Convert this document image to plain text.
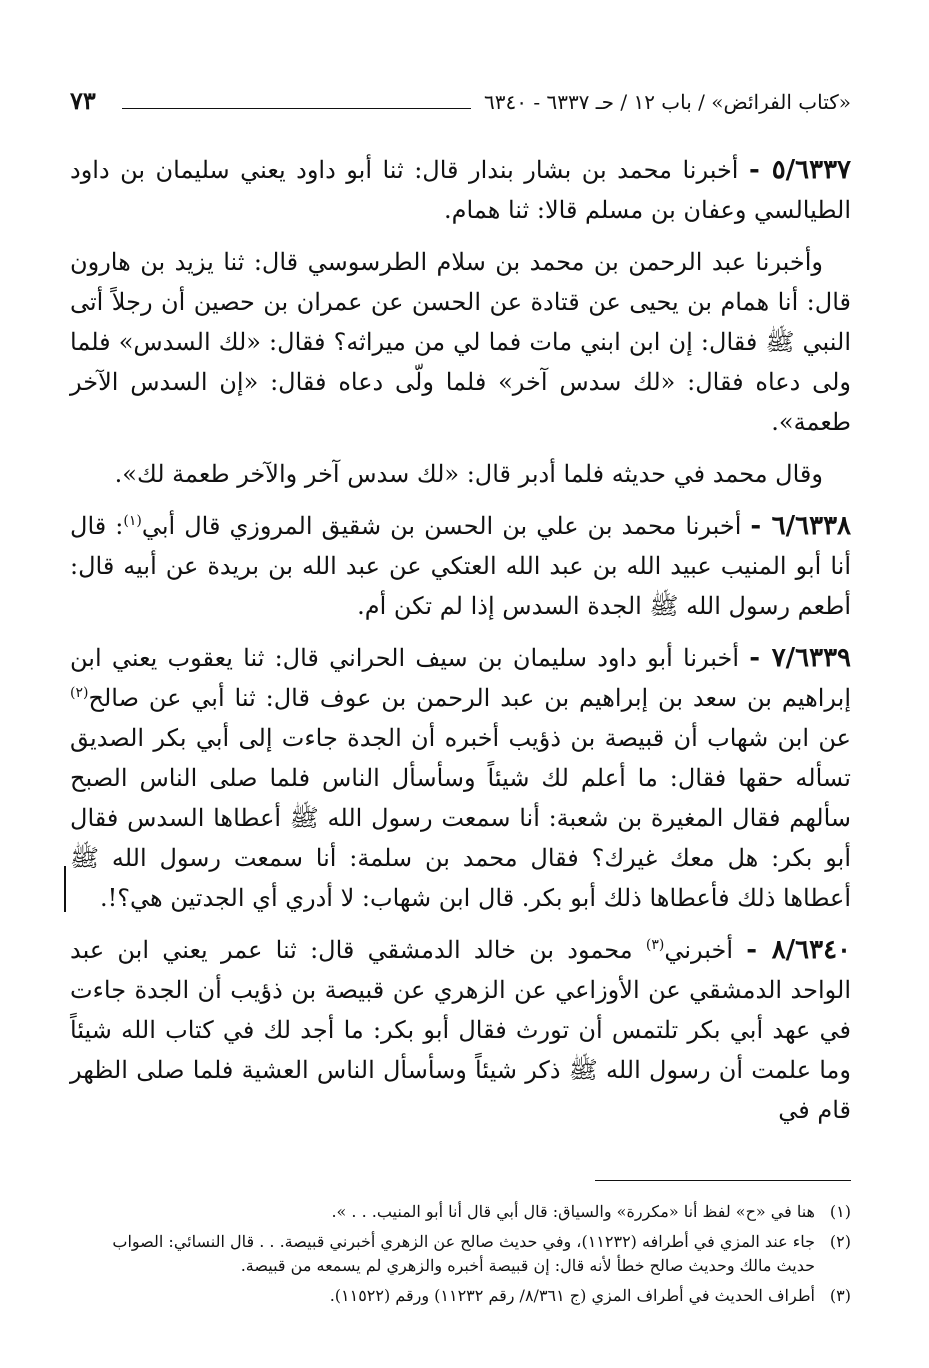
«كتاب الفرائض» / باب ١٢ / حـ ٦٣٣٧ - ٦٣٤٠
٧٣

٥/٦٣٣٧ - أخبرنا محمد بن بشار بندار قال: ثنا أبو داود يعني سليمان بن داود الطيالسي وعفان بن مسلم قالا: ثنا همام.

وأخبرنا عبد الرحمن بن محمد بن سلام الطرسوسي قال: ثنا يزيد بن هارون قال: أنا همام بن يحيى عن قتادة عن الحسن عن عمران بن حصين أن رجلاً أتى النبي ﷺ فقال: إن ابن ابني مات فما لي من ميراثه؟ فقال: «لك السدس» فلما ولى دعاه فقال: «لك سدس آخر» فلما ولّى دعاه فقال: «إن السدس الآخر طعمة».

وقال محمد في حديثه فلما أدبر قال: «لك سدس آخر والآخر طعمة لك».

٦/٦٣٣٨ - أخبرنا محمد بن علي بن الحسن بن شقيق المروزي قال أبي$^{(١)}$: قال أنا أبو المنيب عبيد الله بن عبد الله العتكي عن عبد الله بن بريدة عن أبيه قال: أطعم رسول الله ﷺ الجدة السدس إذا لم تكن أم.

٧/٦٣٣٩ - أخبرنا أبو داود سليمان بن سيف الحراني قال: ثنا يعقوب يعني ابن إبراهيم بن سعد بن إبراهيم بن عبد الرحمن بن عوف قال: ثنا أبي عن صالح$^{(٢)}$ عن ابن شهاب أن قبيصة بن ذؤيب أخبره أن الجدة جاءت إلى أبي بكر الصديق تسأله حقها فقال: ما أعلم لك شيئاً وسأسأل الناس فلما صلى الناس الصبح سألهم فقال المغيرة بن شعبة: أنا سمعت رسول الله ﷺ أعطاها السدس فقال أبو بكر: هل معك غيرك؟ فقال محمد بن سلمة: أنا سمعت رسول الله ﷺ أعطاها ذلك فأعطاها ذلك أبو بكر. قال ابن شهاب: لا أدري أي الجدتين هي؟!.

٨/٦٣٤٠ - أخبرني$^{(٣)}$ محمود بن خالد الدمشقي قال: ثنا عمر يعني ابن عبد الواحد الدمشقي عن الأوزاعي عن الزهري عن قبيصة بن ذؤيب أن الجدة جاءت في عهد أبي بكر تلتمس أن تورث فقال أبو بكر: ما أجد لك في كتاب الله شيئاً وما علمت أن رسول الله ﷺ ذكر شيئاً وسأسأل الناس العشية فلما صلى الظهر قام في

(١)
هنا في «ح» لفظ أنا «مكررة» والسياق: قال أبي قال أنا أبو المنيب. . . ».
(٢)
جاء عند المزي في أطرافه (١١٢٣٢)، وفي حديث صالح عن الزهري أخبرني قبيصة. . . قال النسائي: الصواب حديث مالك وحديث صالح خطأ لأنه قال: إن قبيصة أخبره والزهري لم يسمعه من قبيصة.
(٣)
أطراف الحديث في أطراف المزي (ج ٨/٣٦١/ رقم ١١٢٣٢) ورقم (١١٥٢٢).
